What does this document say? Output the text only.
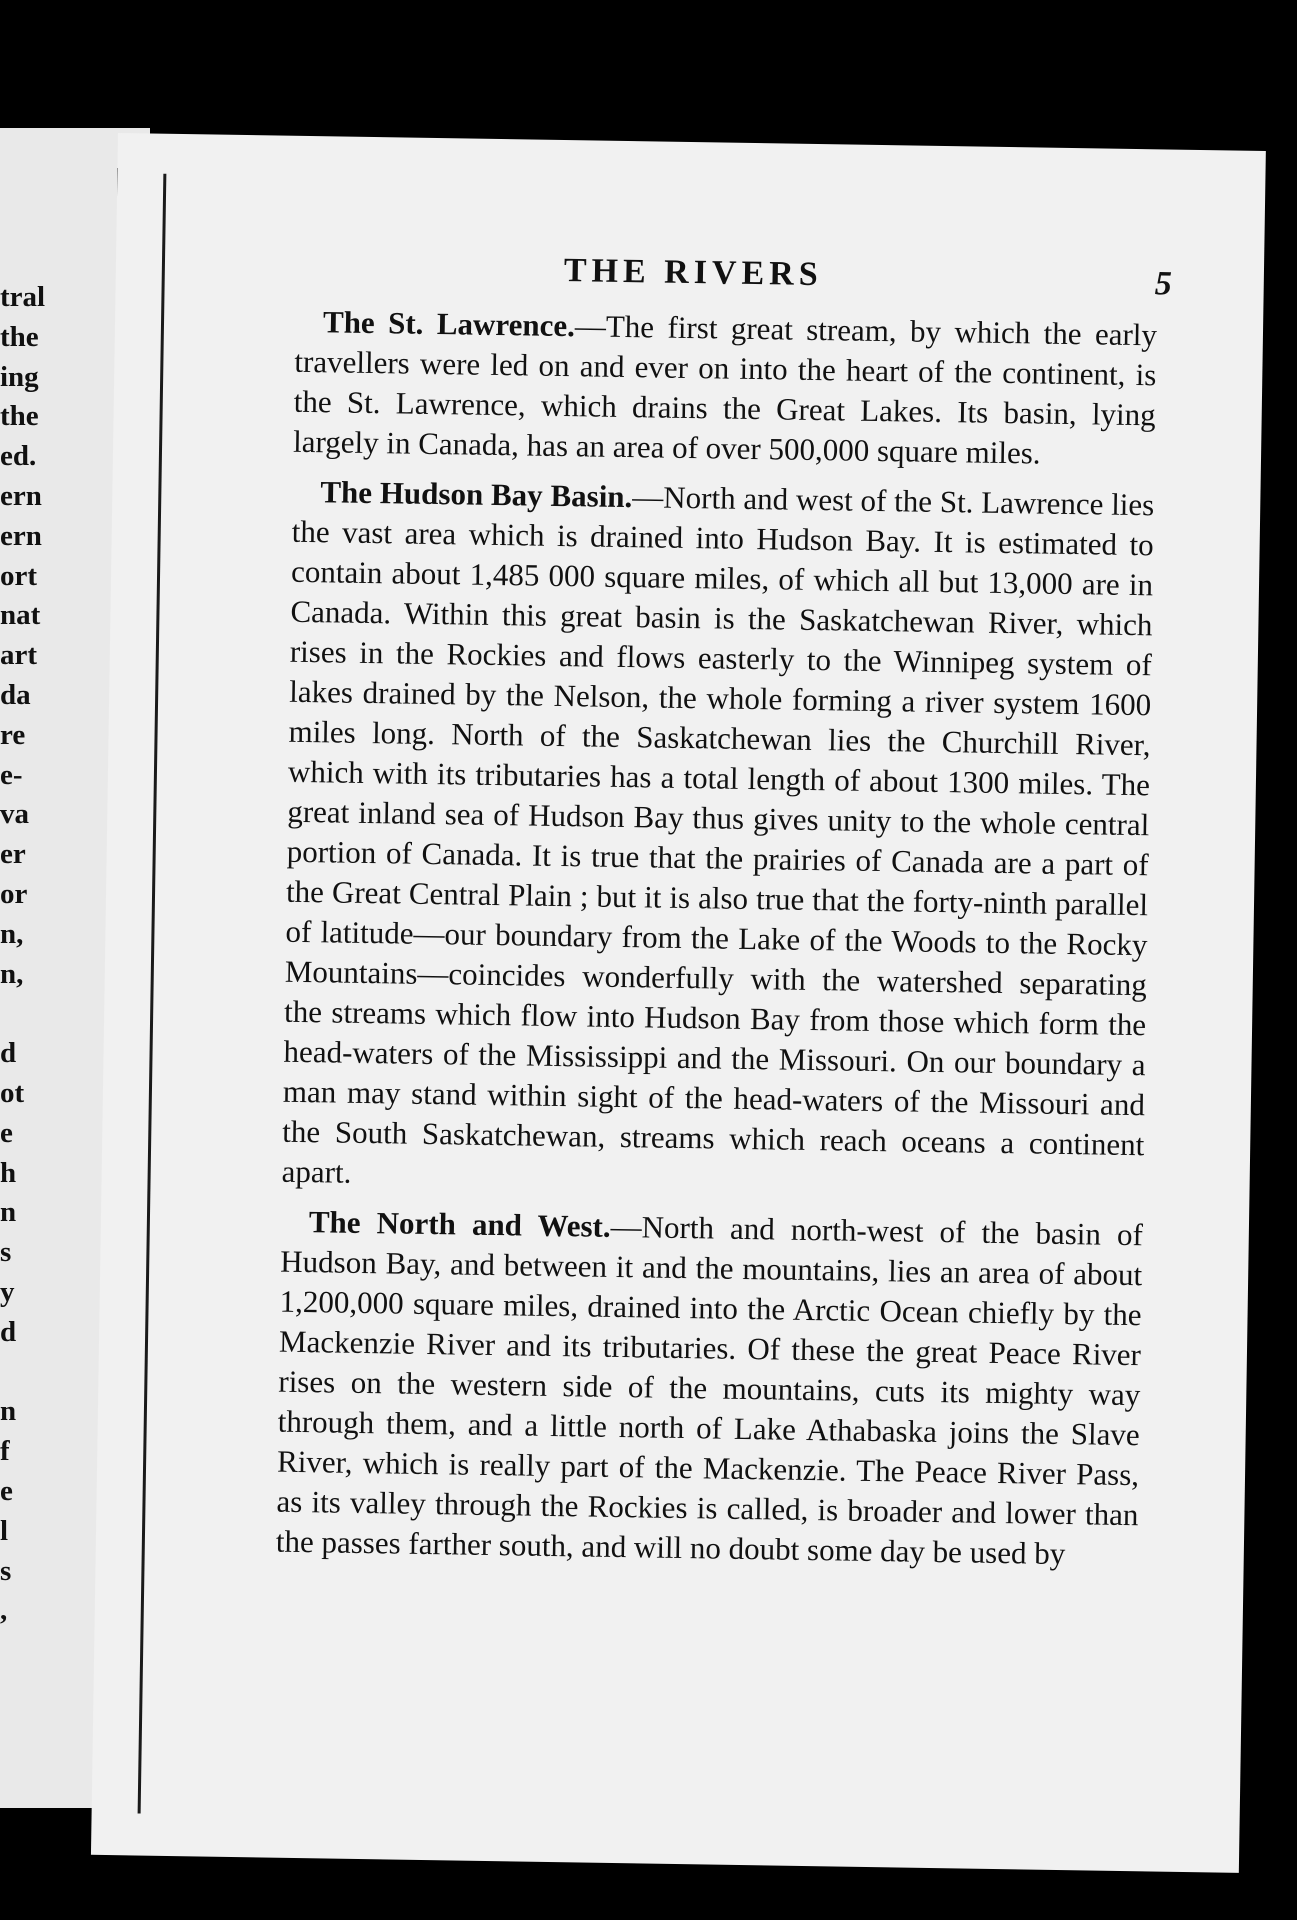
tral
the
ing
the
ed.
ern
ern
ort
nat
art
da
re
e-
va
er
or
n,
n,
d
ot
e
h
n
s
y
d
n
f
e
l
s
,
THE RIVERS	5

The St. Lawrence.—The first great stream, by which the early travellers were led on and ever on into the heart of the continent, is the St. Lawrence, which drains the Great Lakes. Its basin, lying largely in Canada, has an area of over 500,000 square miles.

The Hudson Bay Basin.—North and west of the St. Lawrence lies the vast area which is drained into Hudson Bay. It is estimated to contain about 1,485 000 square miles, of which all but 13,000 are in Canada. Within this great basin is the Saskatchewan River, which rises in the Rockies and flows easterly to the Winnipeg system of lakes drained by the Nelson, the whole forming a river system 1600 miles long. North of the Saskatchewan lies the Churchill River, which with its tributaries has a total length of about 1300 miles. The great inland sea of Hudson Bay thus gives unity to the whole central portion of Canada. It is true that the prairies of Canada are a part of the Great Central Plain ; but it is also true that the forty-ninth parallel of latitude—our boundary from the Lake of the Woods to the Rocky Mountains—coincides wonderfully with the watershed separating the streams which flow into Hudson Bay from those which form the head-waters of the Mississippi and the Missouri. On our boundary a man may stand within sight of the head-waters of the Missouri and the South Saskatchewan, streams which reach oceans a continent apart.

The North and West.—North and north-west of the basin of Hudson Bay, and between it and the mountains, lies an area of about 1,200,000 square miles, drained into the Arctic Ocean chiefly by the Mackenzie River and its tributaries. Of these the great Peace River rises on the western side of the mountains, cuts its mighty way through them, and a little north of Lake Athabaska joins the Slave River, which is really part of the Mackenzie. The Peace River Pass, as its valley through the Rockies is called, is broader and lower than the passes farther south, and will no doubt some day be used by
